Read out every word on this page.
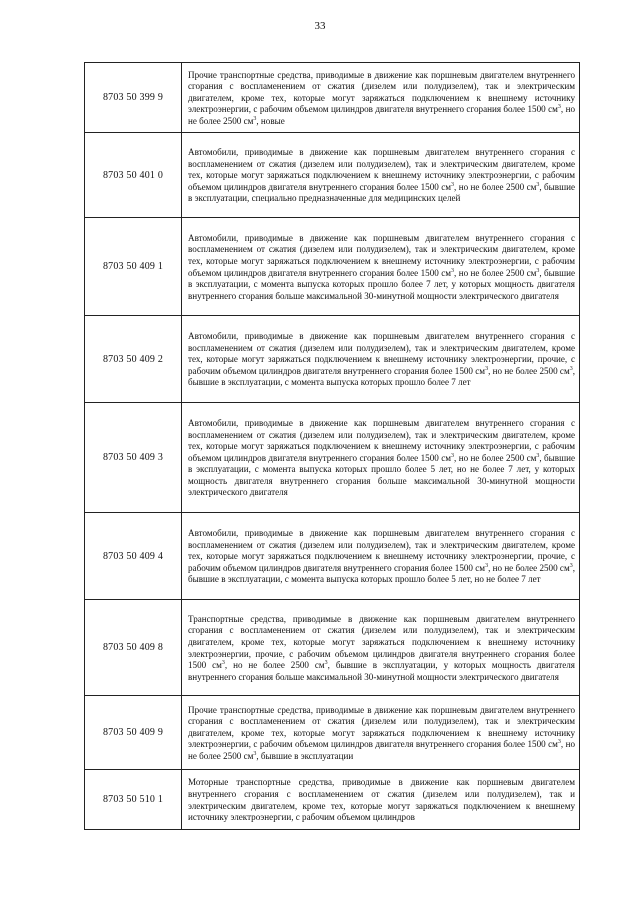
33
8703 50 399 9	Прочие транспортные средства, приводимые в движение как поршневым двигателем внутреннего сгорания с воспламенением от сжатия (дизелем или полудизелем), так и электрическим двигателем, кроме тех, которые могут заряжаться подключением к внешнему источнику электроэнергии, с рабочим объемом цилиндров двигателя внутреннего сгорания более 1500 $см^3$, но не более 2500 $см^3$, новые
8703 50 401 0	Автомобили, приводимые в движение как поршневым двигателем внутреннего сгорания с воспламенением от сжатия (дизелем или полудизелем), так и электрическим двигателем, кроме тех, которые могут заряжаться подключением к внешнему источнику электроэнергии, с рабочим объемом цилиндров двигателя внутреннего сгорания более 1500 $см^3$, но не более 2500 $см^3$, бывшие в эксплуатации, специально предназначенные для медицинских целей
8703 50 409 1	Автомобили, приводимые в движение как поршневым двигателем внутреннего сгорания с воспламенением от сжатия (дизелем или полудизелем), так и электрическим двигателем, кроме тех, которые могут заряжаться подключением к внешнему источнику электроэнергии, с рабочим объемом цилиндров двигателя внутреннего сгорания более 1500 $см^3$, но не более 2500 $см^3$, бывшие в эксплуатации, с момента выпуска которых прошло более 7 лет, у которых мощность двигателя внутреннего сгорания больше максимальной 30-минутной мощности электрического двигателя
8703 50 409 2	Автомобили, приводимые в движение как поршневым двигателем внутреннего сгорания с воспламенением от сжатия (дизелем или полудизелем), так и электрическим двигателем, кроме тех, которые могут заряжаться подключением к внешнему источнику электроэнергии, прочие, с рабочим объемом цилиндров двигателя внутреннего сгорания более 1500 $см^3$, но не более 2500 $см^3$, бывшие в эксплуатации, с момента выпуска которых прошло более 7 лет
8703 50 409 3	Автомобили, приводимые в движение как поршневым двигателем внутреннего сгорания с воспламенением от сжатия (дизелем или полудизелем), так и электрическим двигателем, кроме тех, которые могут заряжаться подключением к внешнему источнику электроэнергии, с рабочим объемом цилиндров двигателя внутреннего сгорания более 1500 $см^3$, но не более 2500 $см^3$, бывшие в эксплуатации, с момента выпуска которых прошло более 5 лет, но не более 7 лет, у которых мощность двигателя внутреннего сгорания больше максимальной 30-минутной мощности электрического двигателя
8703 50 409 4	Автомобили, приводимые в движение как поршневым двигателем внутреннего сгорания с воспламенением от сжатия (дизелем или полудизелем), так и электрическим двигателем, кроме тех, которые могут заряжаться подключением к внешнему источнику электроэнергии, прочие, с рабочим объемом цилиндров двигателя внутреннего сгорания более 1500 $см^3$, но не более 2500 $см^3$, бывшие в эксплуатации, с момента выпуска которых прошло более 5 лет, но не более 7 лет
8703 50 409 8	Транспортные средства, приводимые в движение как поршневым двигателем внутреннего сгорания с воспламенением от сжатия (дизелем или полудизелем), так и электрическим двигателем, кроме тех, которые могут заряжаться подключением к внешнему источнику электроэнергии, прочие, с рабочим объемом цилиндров двигателя внутреннего сгорания более 1500 $см^3$, но не более 2500 $см^3$, бывшие в эксплуатации, у которых мощность двигателя внутреннего сгорания больше максимальной 30-минутной мощности электрического двигателя
8703 50 409 9	Прочие транспортные средства, приводимые в движение как поршневым двигателем внутреннего сгорания с воспламенением от сжатия (дизелем или полудизелем), так и электрическим двигателем, кроме тех, которые могут заряжаться подключением к внешнему источнику электроэнергии, с рабочим объемом цилиндров двигателя внутреннего сгорания более 1500 $см^3$, но не более 2500 $см^3$, бывшие в эксплуатации
8703 50 510 1	Моторные транспортные средства, приводимые в движение как поршневым двигателем внутреннего сгорания с воспламенением от сжатия (дизелем или полудизелем), так и электрическим двигателем, кроме тех, которые могут заряжаться подключением к внешнему источнику электроэнергии, с рабочим объемом цилиндров
